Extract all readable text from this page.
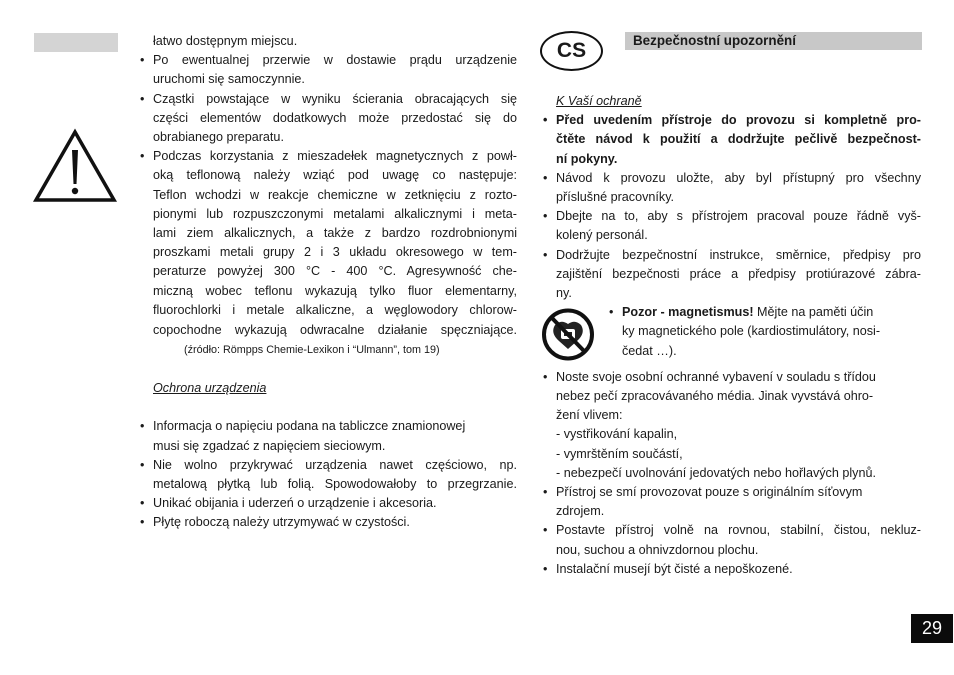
łatwo dostępnym miejscu.
• Po ewentualnej przerwie w dostawie prądu urządzenie
uruchomi się samoczynnie.
• Cząstki powstające w wyniku ścierania obracających się
części elementów dodatkowych może przedostać się do
obrabianego preparatu.
• Podczas korzystania z mieszadełek magnetycznych z powł-
oką teflonową należy wziąć pod uwagę co następuje:
Teflon wchodzi w reakcje chemiczne w zetknięciu z rozto-
pionymi lub rozpuszczonymi metalami alkalicznymi i meta-
lami ziem alkalicznych, a także z bardzo rozdrobnionymi
proszkami metali grupy 2 i 3 układu okresowego w tem-
peraturze powyżej 300 °C - 400 °C. Agresywność che-
miczną wobec teflonu wykazują tylko fluor elementarny,
fluorochlorki i metale alkaliczne, a węglowodory chlorow-
copochodne wykazują odwracalne działanie spęczniające.
(źródło: Römpps Chemie-Lexikon i “Ulmann”, tom 19)
Ochrona urządzenia
• Informacja o napięciu podana na tabliczce znamionowej
musi się zgadzać z napięciem sieciowym.
• Nie wolno przykrywać urządzenia nawet częściowo, np.
metalową płytką lub folią. Spowodowałoby to przegrzanie.
• Unikać obijania i uderzeń o urządzenie i akcesoria.
• Płytę roboczą należy utrzymywać w czystości.
CS	Bezpečnostní upozornění
K Vaší ochraně
• Před uvedením přístroje do provozu si kompletně pro-
čtěte návod k použití a dodržujte pečlivě bezpečnost-
ní pokyny.
• Návod k provozu uložte, aby byl přístupný pro všechny
příslušné pracovníky.
• Dbejte na to, aby s přístrojem pracoval pouze řádně vyš-
kolený personál.
• Dodržujte bezpečnostní instrukce, směrnice, předpisy pro
zajištění bezpečnosti práce a předpisy protiúrazové zábra-
ny.
• Pozor - magnetismus! Mějte na paměti účin
ky magnetického pole (kardiostimulátory, nosi-
čedat …).
• Noste svoje osobní ochranné vybavení v souladu s třídou
nebez pečí zpracovávaného média. Jinak vyvstává ohro-
žení vlivem:
- vystřikování kapalin,
- vymrštěním součástí,
- nebezpečí uvolnování jedovatých nebo hořlavých plynů.
• Přístroj se smí provozovat pouze s originálním síťovym
zdrojem.
• Postavte přístroj volně na rovnou, stabilní, čistou, nekluz-
nou, suchou a ohnivzdornou plochu.
• Instalační musejí být čisté a nepoškozené.
29
